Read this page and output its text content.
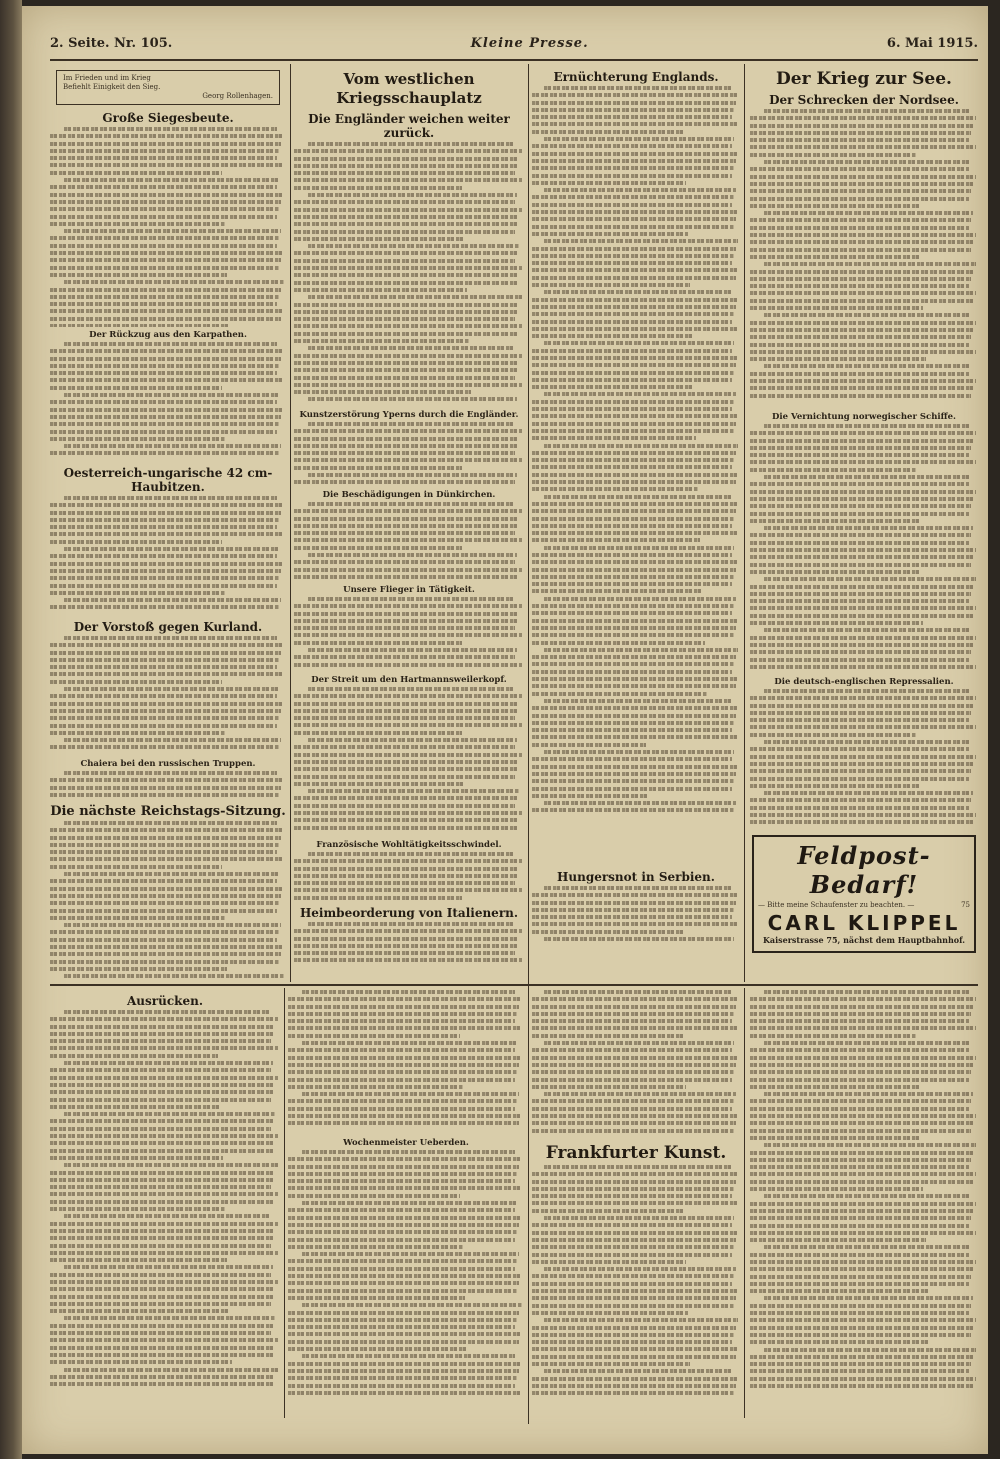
2. Seite. Nr. 105.	Kleine Presse.	6. Mai 1915.
Im Frieden und im Krieg
Befiehlt Einigkeit den Sieg.
Georg Rollenhagen.
Große Siegesbeute.
Der Rückzug aus den Karpathen.
Oesterreich-ungarische 42 cm-Haubitzen.
Der Vorstoß gegen Kurland.
Chaiera bei den russischen Truppen.
Die nächste Reichstags-Sitzung.
Vom westlichen Kriegsschauplatz
Die Engländer weichen weiter zurück.
Kunstzerstörung Yperns durch die Engländer.
Die Beschädigungen in Dünkirchen.
Unsere Flieger in Tätigkeit.
Der Streit um den Hartmannsweilerkopf.
Französische Wohltätigkeitsschwindel.
Heimbeorderung von Italienern.
Ernüchterung Englands.
Hungersnot in Serbien.
Der Krieg zur See.
Der Schrecken der Nordsee.
Die Vernichtung norwegischer Schiffe.
Die deutsch-englischen Repressalien.
Feldpost-Bedarf!
— Bitte meine Schaufenster zu beachten. —	75
CARL KLIPPEL
Kaiserstrasse 75, nächst dem Hauptbahnhof.
Ausrücken.
Wochenmeister Ueberden.	Frankfurter Kunst.
